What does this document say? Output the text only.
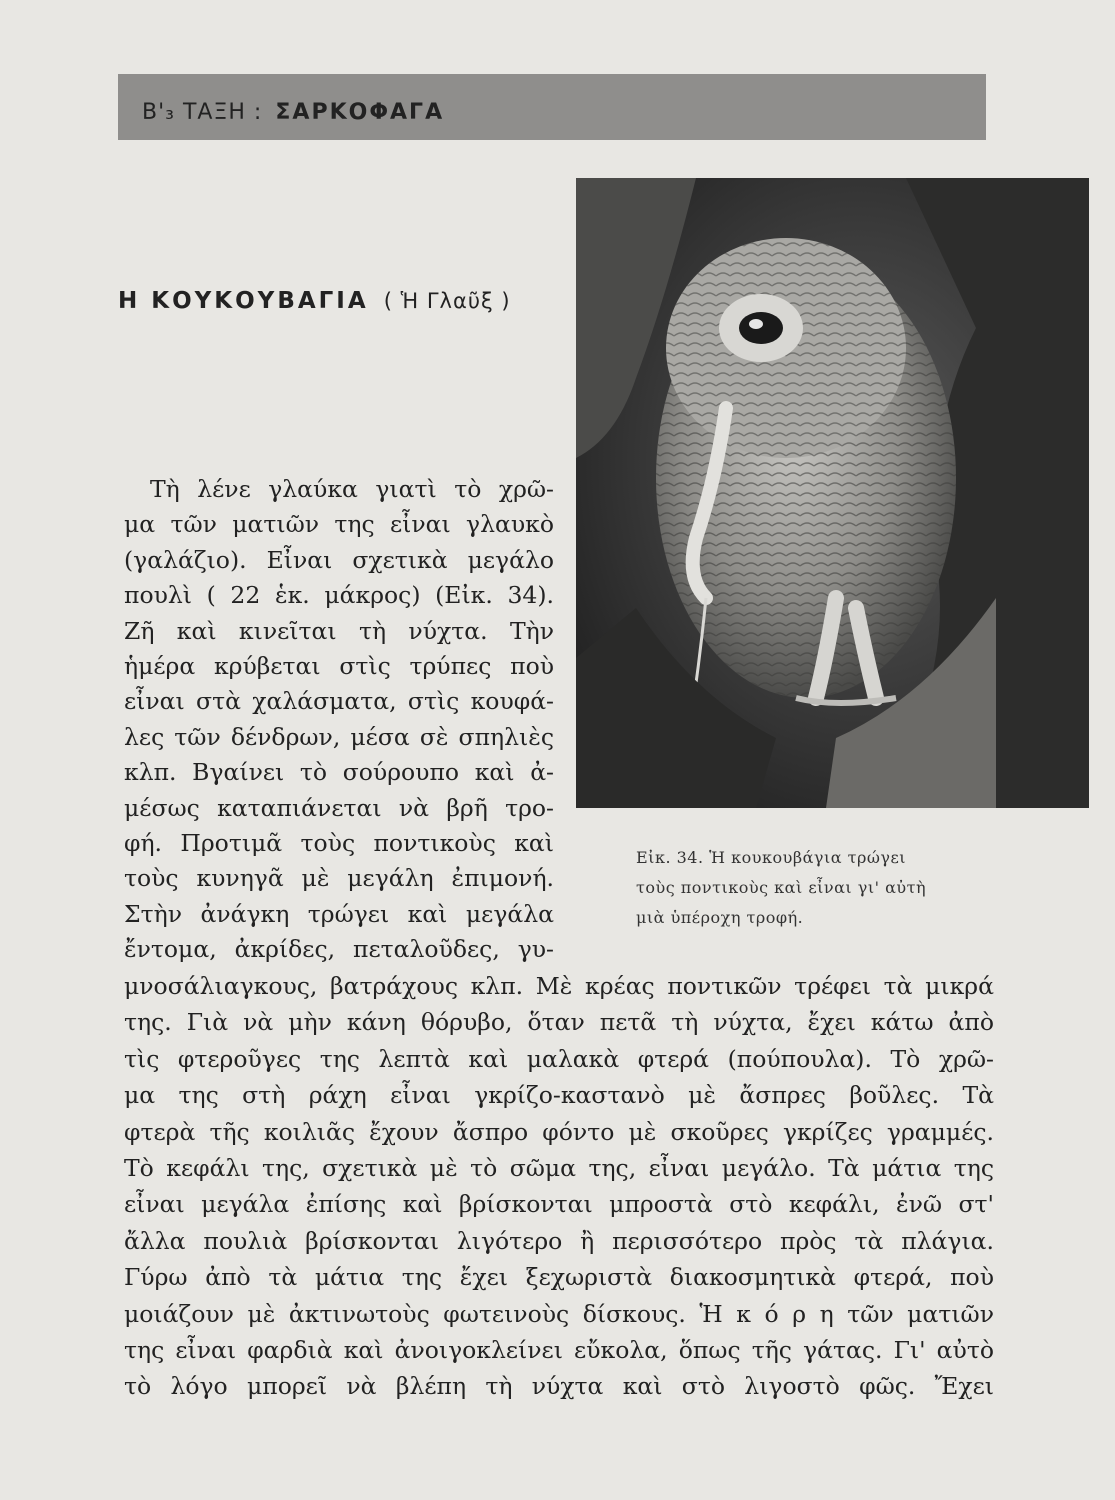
Β'₃ ΤΑΞΗ : ΣΑΡΚΟΦΑΓΑ
Η ΚΟΥΚΟΥΒΑΓΙΑ ( Ἡ Γλαῦξ )
Εἰκ. 34. Ἡ κουκουβάγια τρώγει
τοὺς ποντικοὺς καὶ εἶναι γι' αὐτὴ
μιὰ ὑπέροχη τροφή.
Τὴ λένε γλαύκα γιατὶ τὸ χρῶ-
μα τῶν ματιῶν της εἶναι γλαυκὸ
(γαλάζιο). Εἶναι σχετικὰ μεγάλο
πουλὶ ( 22 ἑκ. μάκρος) (Εἰκ. 34).
Ζῆ καὶ κινεῖται τὴ νύχτα. Τὴν
ἡμέρα κρύβεται στὶς τρύπες ποὺ
εἶναι στὰ χαλάσματα, στὶς κουφά-
λες τῶν δένδρων, μέσα σὲ σπηλιὲς
κλπ. Βγαίνει τὸ σούρουπο καὶ ἀ-
μέσως καταπιάνεται νὰ βρῆ τρο-
φή. Προτιμᾶ τοὺς ποντικοὺς καὶ
τοὺς κυνηγᾶ μὲ μεγάλη ἐπιμονή.
Στὴν ἀνάγκη τρώγει καὶ μεγάλα
ἔντομα, ἀκρίδες, πεταλοῦδες, γυ-
μνοσάλιαγκους, βατράχους κλπ. Μὲ κρέας ποντικῶν τρέφει τὰ μικρά
της. Γιὰ νὰ μὴν κάνη θόρυβο, ὅταν πετᾶ τὴ νύχτα, ἔχει κάτω ἀπὸ
τὶς φτεροῦγες της λεπτὰ καὶ μαλακὰ φτερά (πούπουλα). Τὸ χρῶ-
μα της στὴ ράχη εἶναι γκρίζο-καστανὸ μὲ ἄσπρες βοῦλες. Τὰ
φτερὰ τῆς κοιλιᾶς ἔχουν ἄσπρο φόντο μὲ σκοῦρες γκρίζες γραμμές.
Τὸ κεφάλι της, σχετικὰ μὲ τὸ σῶμα της, εἶναι μεγάλο. Τὰ μάτια της
εἶναι μεγάλα ἐπίσης καὶ βρίσκονται μπροστὰ στὸ κεφάλι, ἐνῶ στ'
ἄλλα πουλιὰ βρίσκονται λιγότερο ἢ περισσότερο πρὸς τὰ πλάγια.
Γύρω ἀπὸ τὰ μάτια της ἔχει ξεχωριστὰ διακοσμητικὰ φτερά, ποὺ
μοιάζουν μὲ ἀκτινωτοὺς φωτεινοὺς δίσκους. Ἡ κ ό ρ η τῶν ματιῶν
της εἶναι φαρδιὰ καὶ ἀνοιγοκλείνει εὔκολα, ὅπως τῆς γάτας. Γι' αὐτὸ
τὸ λόγο μπορεῖ νὰ βλέπη τὴ νύχτα καὶ στὸ λιγοστὸ φῶς. Ἔχει
